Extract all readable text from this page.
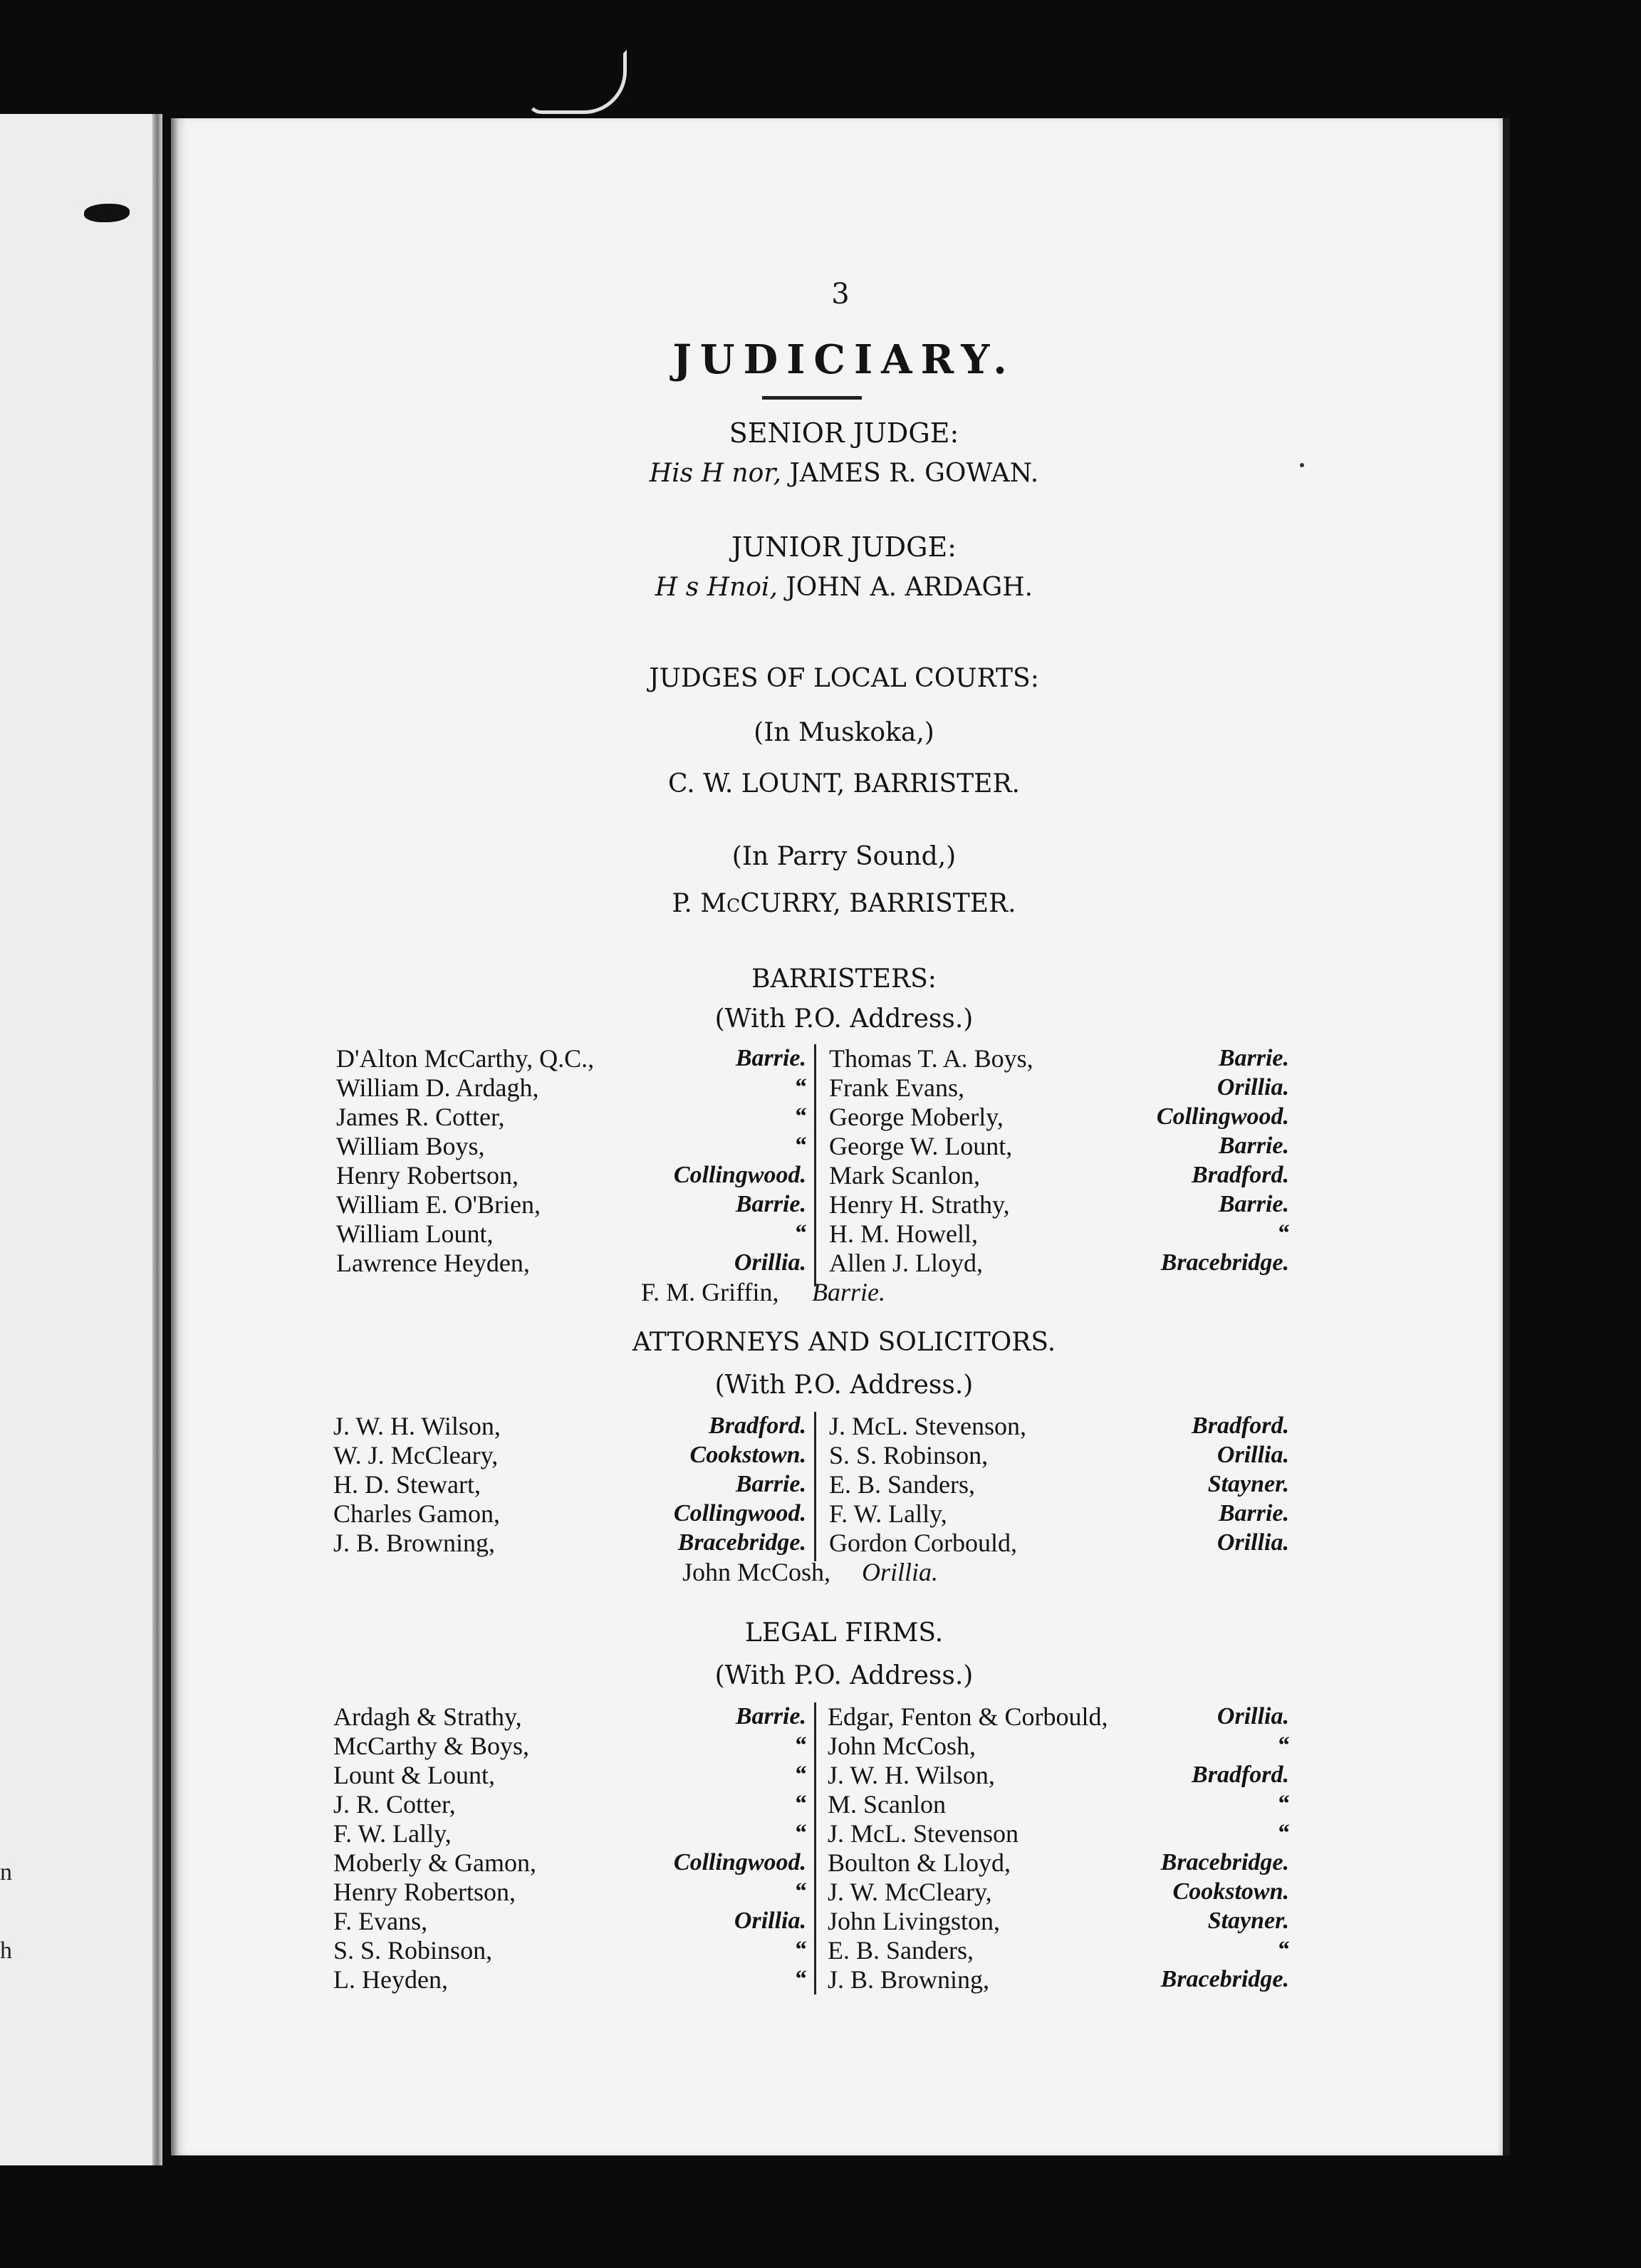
n
h
3
JUDICIARY.
SENIOR JUDGE:
His H nor, JAMES R. GOWAN.
JUNIOR JUDGE:
H s Hnoi, JOHN A. ARDAGH.
JUDGES OF LOCAL COURTS:
(In Muskoka,)
C. W. LOUNT, BARRISTER.
(In Parry Sound,)
P. McCURRY, BARRISTER.
BARRISTERS:
(With P.O. Address.)
D'Alton McCarthy, Q.C.,	Barrie.
William D. Ardagh,	“
James R. Cotter,	“
William Boys,	“
Henry Robertson,	Collingwood.
William E. O'Brien,	Barrie.
William Lount,	“
Lawrence Heyden,	Orillia.
Thomas T. A. Boys,	Barrie.
Frank Evans,	Orillia.
George Moberly,	Collingwood.
George W. Lount,	Barrie.
Mark Scanlon,	Bradford.
Henry H. Strathy,	Barrie.
H. M. Howell,	“
Allen J. Lloyd,	Bracebridge.
F. M. Griffin, Barrie.
ATTORNEYS AND SOLICITORS.
(With P.O. Address.)
J. W. H. Wilson,	Bradford.
W. J. McCleary,	Cookstown.
H. D. Stewart,	Barrie.
Charles Gamon,	Collingwood.
J. B. Browning,	Bracebridge.
J. McL. Stevenson,	Bradford.
S. S. Robinson,	Orillia.
E. B. Sanders,	Stayner.
F. W. Lally,	Barrie.
Gordon Corbould,	Orillia.
John McCosh, Orillia.
LEGAL FIRMS.
(With P.O. Address.)
Ardagh & Strathy,	Barrie.
McCarthy & Boys,	“
Lount & Lount,	“
J. R. Cotter,	“
F. W. Lally,	“
Moberly & Gamon,	Collingwood.
Henry Robertson,	“
F. Evans,	Orillia.
S. S. Robinson,	“
L. Heyden,	“
Edgar, Fenton & Corbould,	Orillia.
John McCosh,	“
J. W. H. Wilson,	Bradford.
M. Scanlon	“
J. McL. Stevenson	“
Boulton & Lloyd,	Bracebridge.
J. W. McCleary,	Cookstown.
John Livingston,	Stayner.
E. B. Sanders,	“
J. B. Browning,	Bracebridge.
